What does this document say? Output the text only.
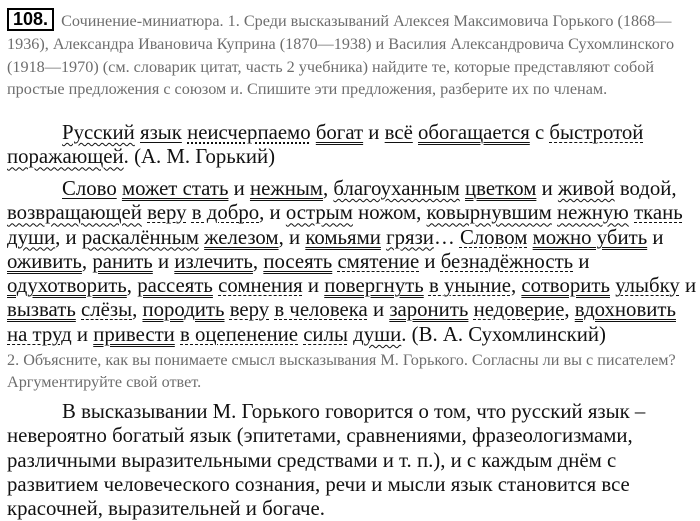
108. Сочинение-миниатюра. 1. Среди высказываний Алексея Максимовича Горького (1868—1936), Александра Ивановича Куприна (1870—1938) и Василия Александровича Сухомлинского (1918—1970) (см. словарик цитат, часть 2 учебника) найдите те, которые представляют собой простые предложения с союзом и. Спишите эти предложения, разберите их по членам.
Русский язык неисчерпаемо богат и всё обогащается с быстротой поражающей. (А. М. Горький)
Слово может стать и нежным, благоуханным цветком и живой водой, возвращающей веру в добро, и острым ножом, ковырнувшим нежную ткань души, и раскалённым железом, и комьями грязи… Словом можно убить и оживить, ранить и излечить, посеять смятение и безнадёжность и одухотворить, рассеять сомнения и повергнуть в уныние, сотворить улыбку и вызвать слёзы, породить веру в человека и заронить недоверие, вдохновить на труд и привести в оцепенение силы души. (В. А. Сухомлинский)
2. Объясните, как вы понимаете смысл высказывания М. Горького. Согласны ли вы с писателем? Аргументируйте свой ответ.
В высказывании М. Горького говорится о том, что русский язык – невероятно богатый язык (эпитетами, сравнениями, фразеологизмами, различными выразительными средствами и т. п.), и с каждым днём с развитием человеческого сознания, речи и мысли язык становится все красочней, выразительней и богаче.
